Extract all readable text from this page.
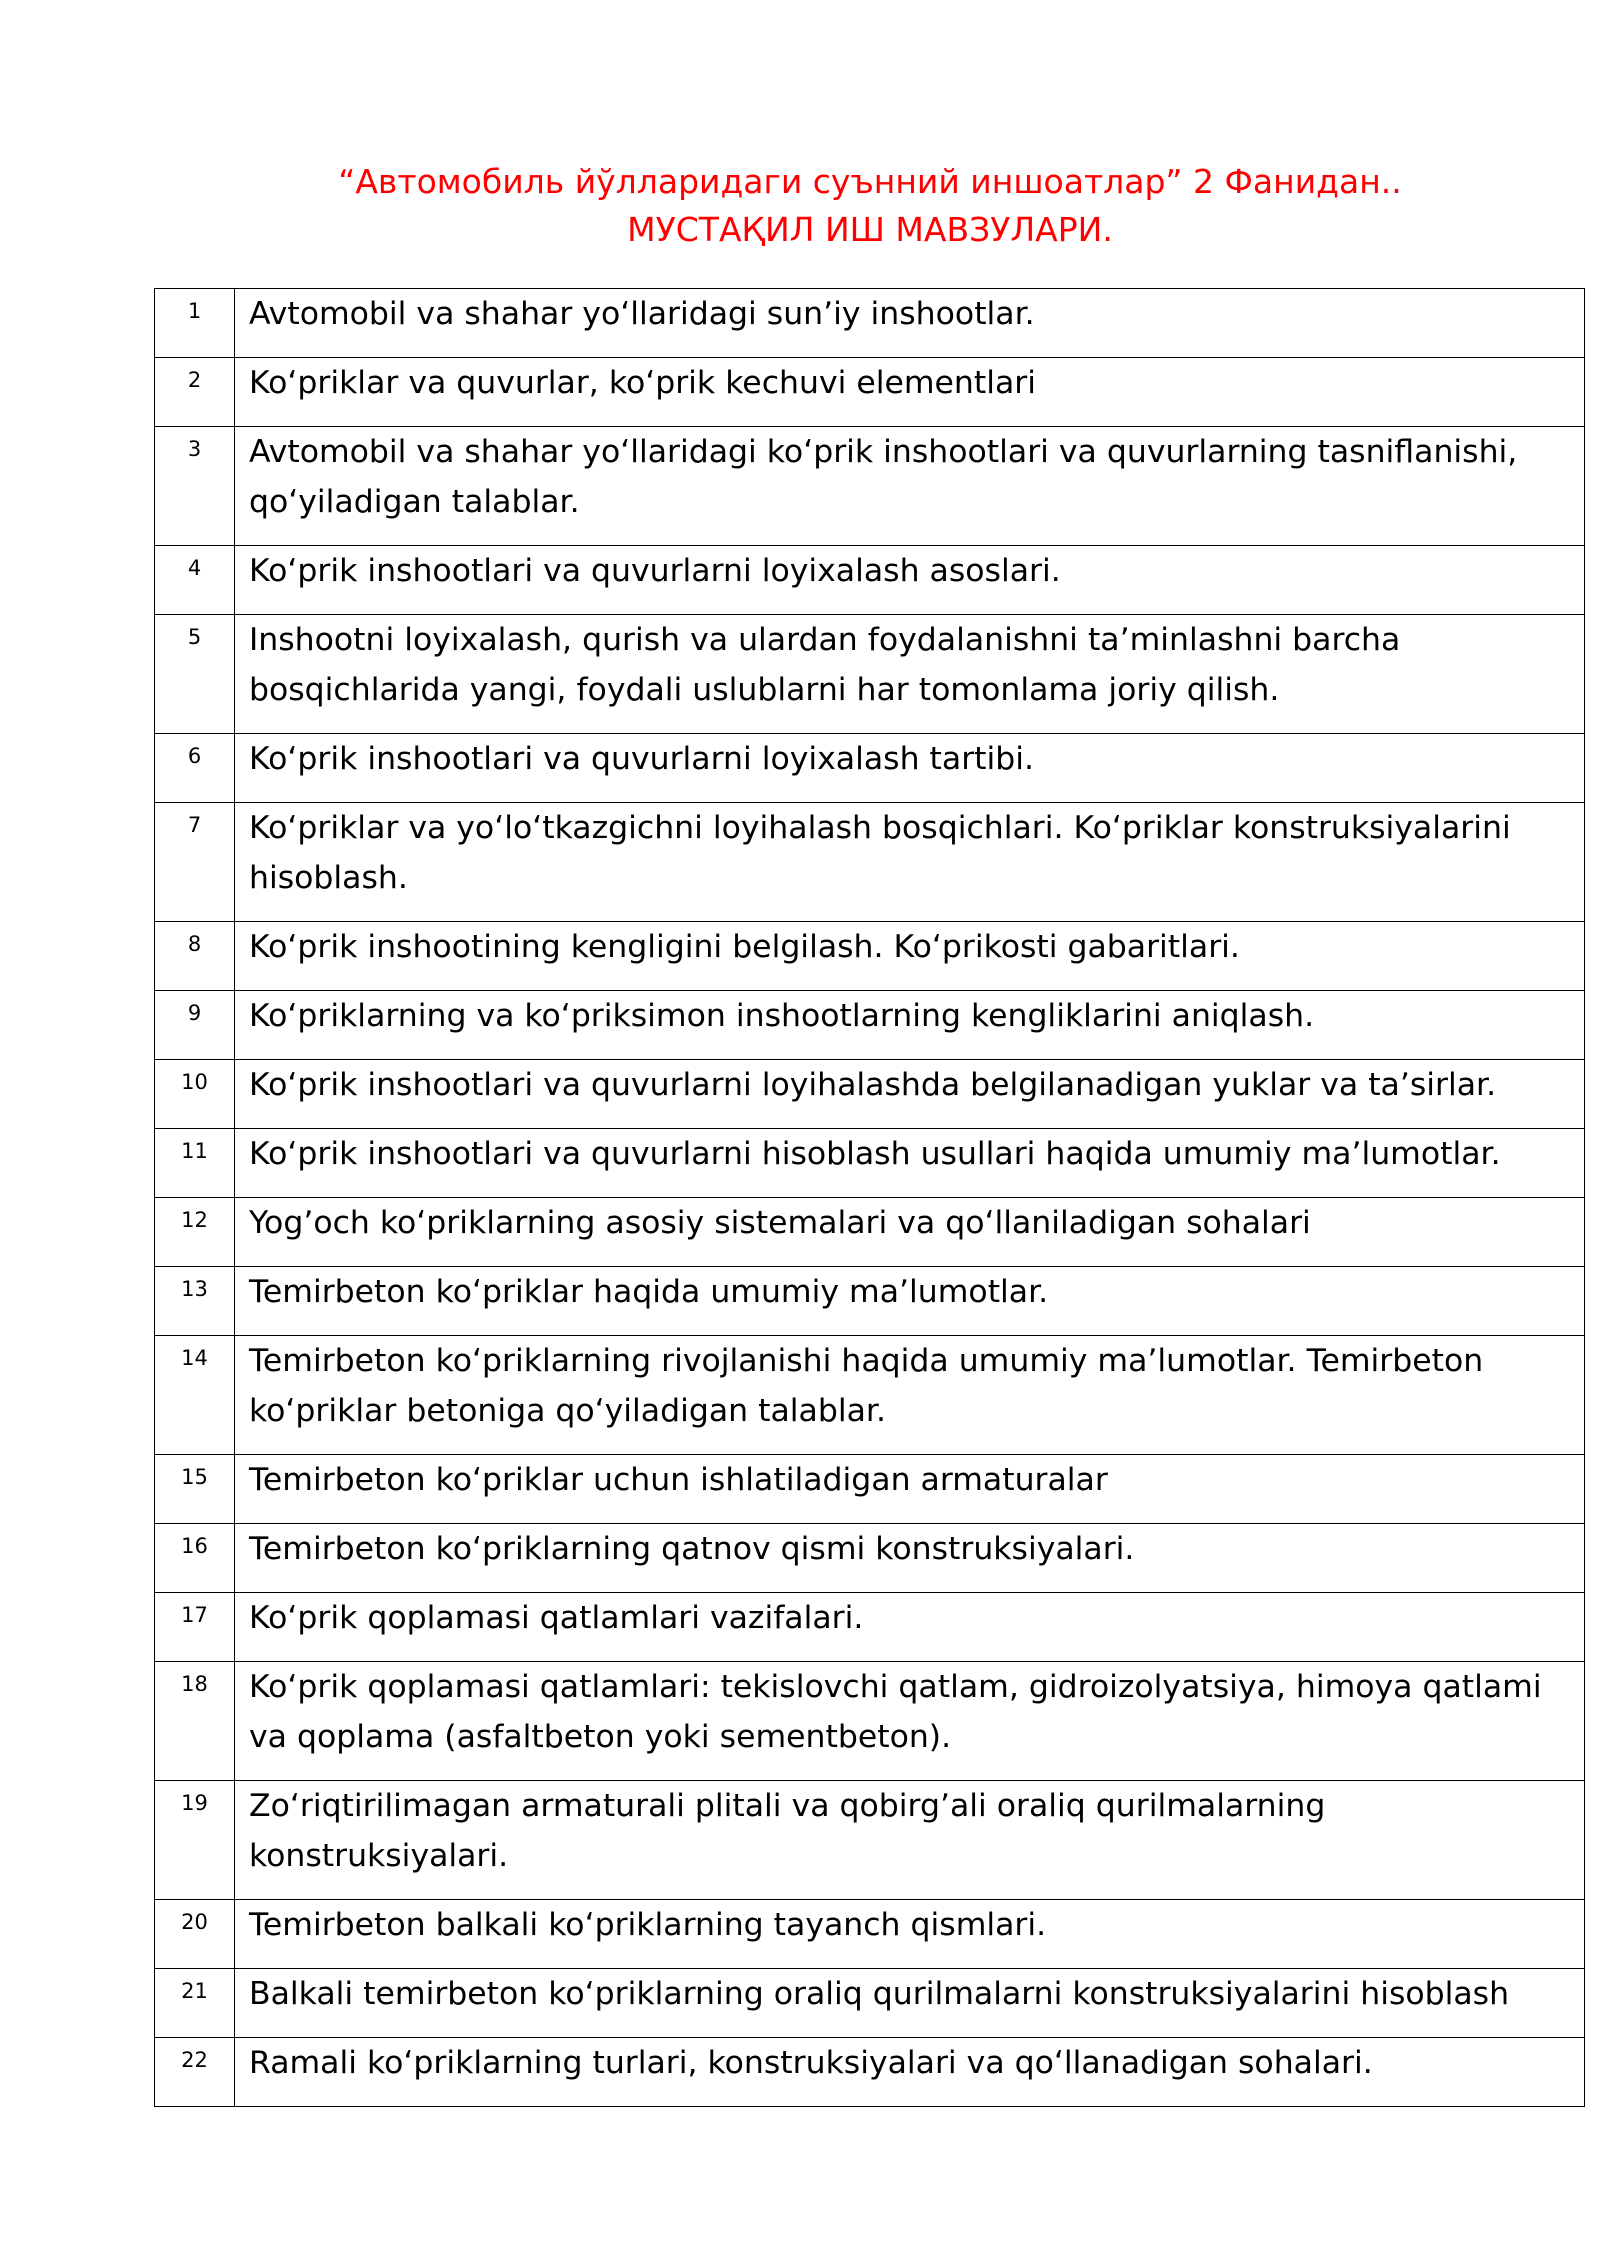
“Автомобиль йўлларидаги суънний иншоатлар” 2 Фанидан..
МУСТАҚИЛ ИШ МАВЗУЛАРИ.
1	Avtomobil va shahar yoʻllaridagi sun’iy inshootlar.
2	Koʻpriklar va quvurlar, koʻprik kechuvi elementlari
3	Avtomobil va shahar yoʻllaridagi koʻprik inshootlari va quvurlarning tasniflanishi, qoʻyiladigan talablar.
4	Koʻprik inshootlari va quvurlarni loyixalash asoslari.
5	Inshootni loyixalash, qurish va ulardan foydalanishni ta’minlashni barcha bosqichlarida yangi, foydali uslublarni har tomonlama joriy qilish.
6	Koʻprik inshootlari va quvurlarni loyixalash tartibi.
7	Koʻpriklar va yoʻloʻtkazgichni loyihalash bosqichlari. Koʻpriklar konstruksiyalarini hisoblash.
8	Koʻprik inshootining kengligini belgilash. Koʻprikosti gabaritlari.
9	Koʻpriklarning va koʻpriksimon inshootlarning kengliklarini aniqlash.
10	Koʻprik inshootlari va quvurlarni loyihalashda belgilanadigan yuklar va ta’sirlar.
11	Koʻprik inshootlari va quvurlarni hisoblash usullari haqida umumiy ma’lumotlar.
12	Yog’och koʻpriklarning asosiy sistemalari va qoʻllaniladigan sohalari
13	Temirbeton koʻpriklar haqida umumiy ma’lumotlar.
14	Temirbeton koʻpriklarning rivojlanishi haqida umumiy ma’lumotlar. Temirbeton koʻpriklar betoniga qoʻyiladigan talablar.
15	Temirbeton koʻpriklar uchun ishlatiladigan armaturalar
16	Temirbeton koʻpriklarning qatnov qismi konstruksiyalari.
17	Koʻprik qoplamasi qatlamlari vazifalari.
18	Koʻprik qoplamasi qatlamlari: tekislovchi qatlam, gidroizolyatsiya, himoya qatlami va qoplama (asfaltbeton yoki sementbeton).
19	Zoʻriqtirilimagan armaturali plitali va qobirg’ali oraliq qurilmalarning konstruksiyalari.
20	Temirbeton balkali koʻpriklarning tayanch qismlari.
21	Balkali temirbeton koʻpriklarning oraliq qurilmalarni konstruksiyalarini hisoblash
22	Ramali koʻpriklarning turlari, konstruksiyalari va qoʻllanadigan sohalari.
